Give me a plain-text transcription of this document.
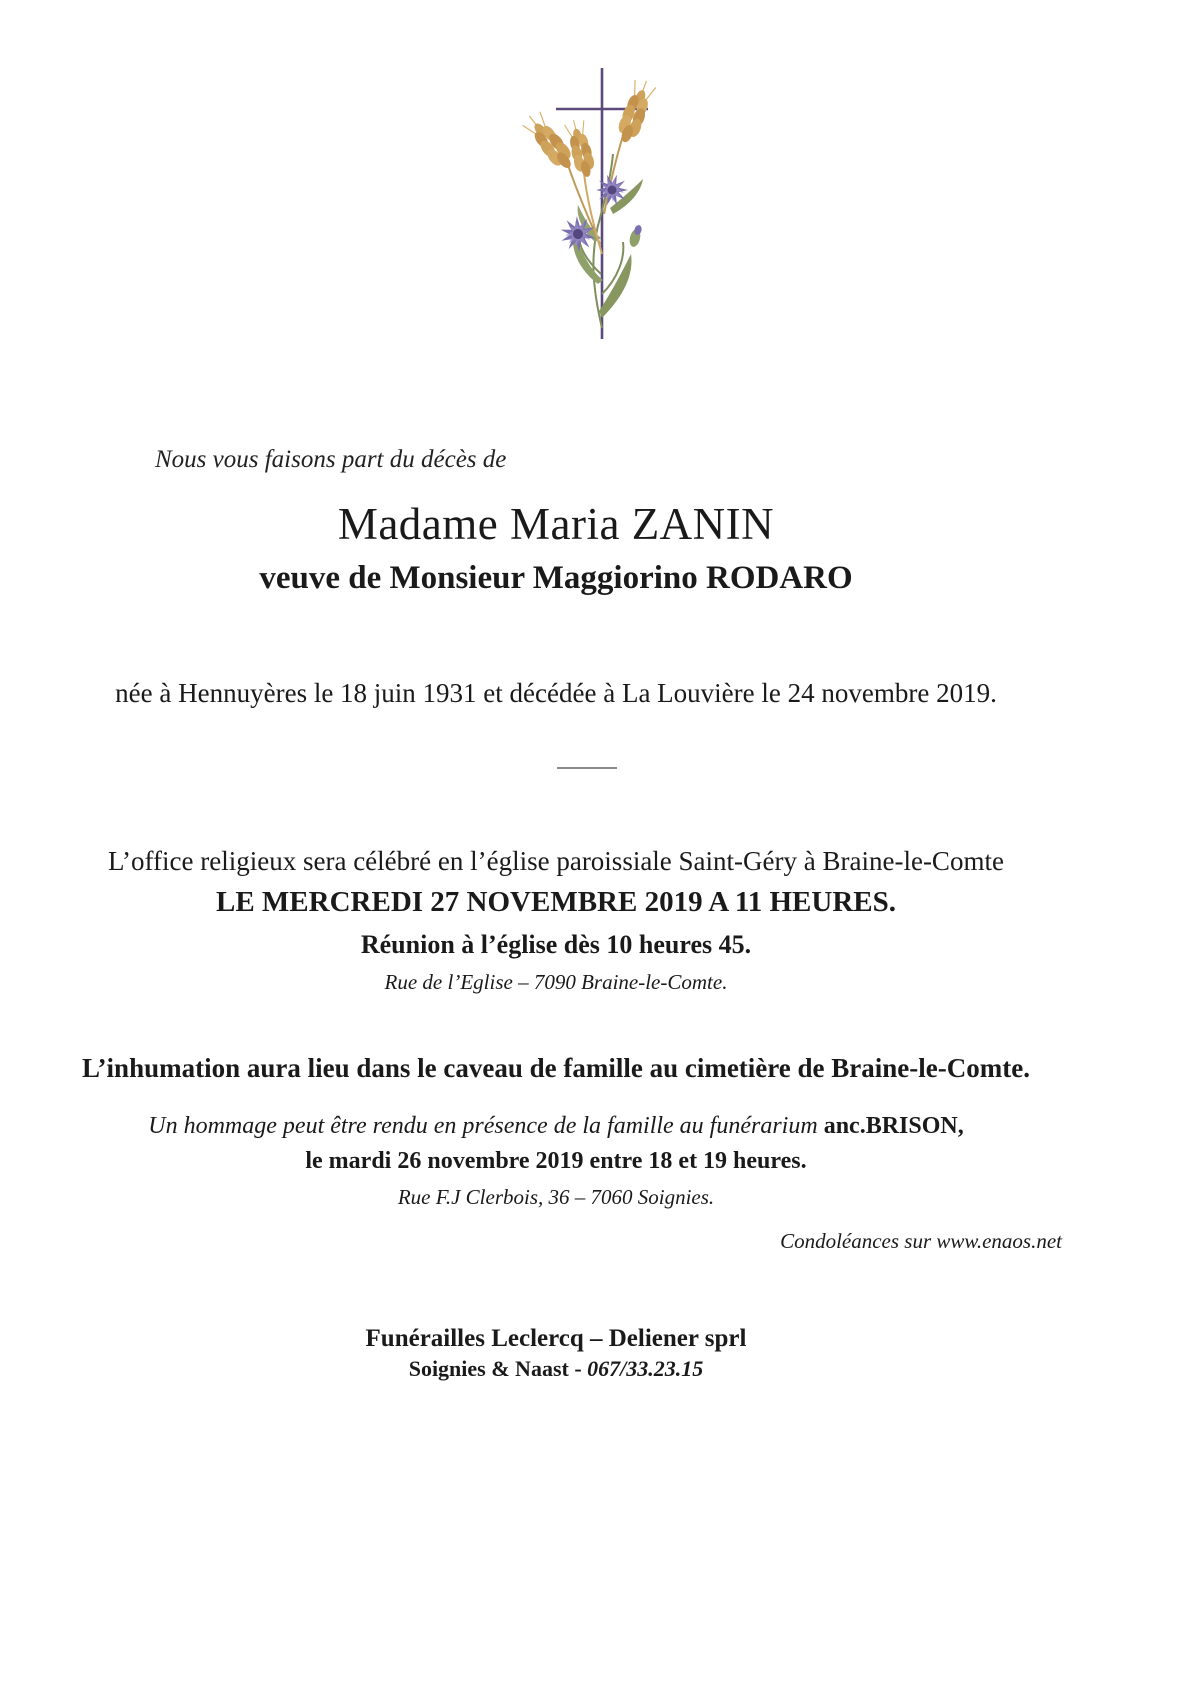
Nous vous faisons part du décès de
Madame Maria ZANIN
veuve de Monsieur Maggiorino RODARO
née à Hennuyères le 18 juin 1931 et décédée à La Louvière le 24 novembre 2019.
L’office religieux sera célébré en l’église paroissiale Saint-Géry à Braine-le-Comte
LE MERCREDI 27 NOVEMBRE 2019 A 11 HEURES.
Réunion à l’église dès 10 heures 45.
Rue de l’Eglise – 7090 Braine-le-Comte.
L’inhumation aura lieu dans le caveau de famille au cimetière de Braine-le-Comte.
Un hommage peut être rendu en présence de la famille au funérarium anc.BRISON,
le mardi 26 novembre 2019 entre 18 et 19 heures.
Rue F.J Clerbois, 36 – 7060 Soignies.
Condoléances sur www.enaos.net
Funérailles Leclercq – Deliener sprl
Soignies & Naast - 067/33.23.15
